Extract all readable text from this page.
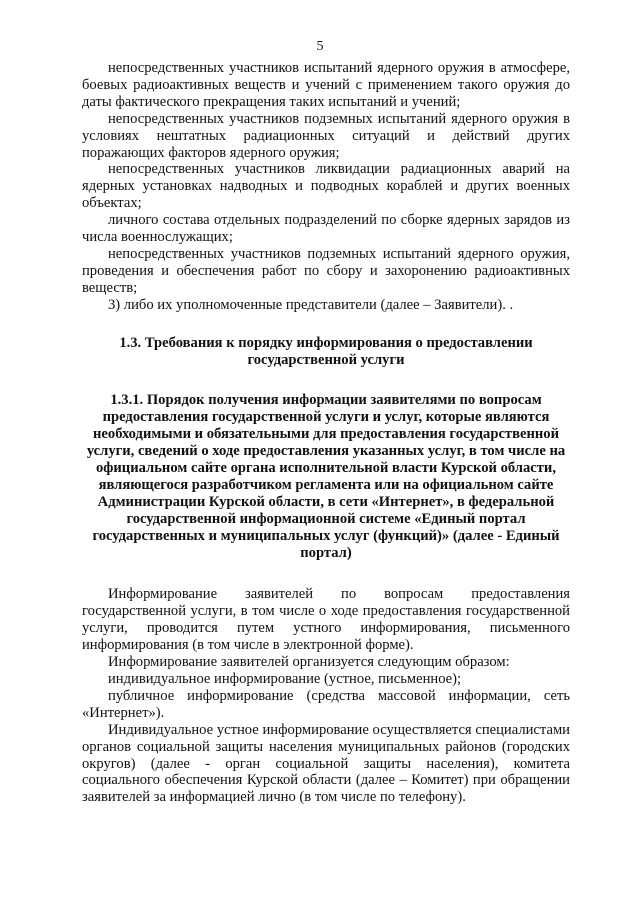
5

непосредственных участников испытаний ядерного оружия в атмосфере, боевых радиоактивных веществ и учений с применением такого оружия до даты фактического прекращения таких испытаний и учений;

непосредственных участников подземных испытаний ядерного оружия в условиях нештатных радиационных ситуаций и действий других поражающих факторов ядерного оружия;

непосредственных участников ликвидации радиационных аварий на ядерных установках надводных и подводных кораблей и других военных объектах;

личного состава отдельных подразделений по сборке ядерных зарядов из числа военнослужащих;

непосредственных участников подземных испытаний ядерного оружия, проведения и обеспечения работ по сбору и захоронению радиоактивных веществ;

3) либо их уполномоченные представители (далее – Заявители). .

1.3. Требования к порядку информирования о предоставлении государственной услуги

1.3.1. Порядок получения информации заявителями по вопросам предоставления государственной услуги и услуг, которые являются необходимыми и обязательными для предоставления государственной услуги, сведений о ходе предоставления указанных услуг, в том числе на официальном сайте органа исполнительной власти Курской области, являющегося разработчиком регламента или на официальном сайте Администрации Курской области, в сети «Интернет», в федеральной государственной информационной системе «Единый портал государственных и муниципальных услуг (функций)» (далее - Единый портал)

Информирование заявителей по вопросам предоставления государственной услуги, в том числе о ходе предоставления государственной услуги, проводится путем устного информирования, письменного информирования (в том числе в электронной форме).

Информирование заявителей организуется следующим образом:

индивидуальное информирование (устное, письменное);

публичное информирование (средства массовой информации, сеть «Интернет»).

Индивидуальное устное информирование осуществляется специалистами органов социальной защиты населения муниципальных районов (городских округов) (далее - орган социальной защиты населения), комитета социального обеспечения Курской области (далее – Комитет) при обращении заявителей за информацией лично (в том числе по телефону).
